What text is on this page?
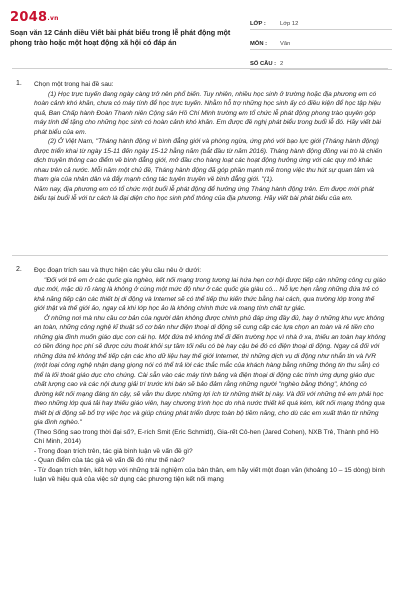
2048.vn
Soạn văn 12 Cánh diều Viết bài phát biểu trong lễ phát động một phong trào hoặc một hoạt động xã hội có đáp án
LỚP :	Lớp 12
MÔN :	Văn
SỐ CÂU : 2
1. Chọn một trong hai đề sau:

(1) Học trực tuyến đang ngày càng trở nên phổ biến. Tuy nhiên, nhiều học sinh ở trường hoặc địa phương em có hoàn cảnh khó khăn, chưa có máy tính để học trực tuyến. Nhằm hỗ trợ những học sinh ấy có điều kiện để học tập hiệu quả, Ban Chấp hành Đoàn Thanh niên Cộng sản Hồ Chí Minh trường em tổ chức lễ phát động phong trào quyên góp máy tính để tặng cho những học sinh có hoàn cảnh khó khăn. Em được đề nghị phát biểu trong buổi lễ đó. Hãy viết bài phát biểu của em.

(2) Ở Việt Nam, "Tháng hành động vì bình đẳng giới và phòng ngừa, ứng phó với bạo lực giới (Tháng hành động) được triển khai từ ngày 15-11 đến ngày 15-12 hằng năm (bắt đầu từ năm 2016). Tháng hành động đồng vai trò là chiến dịch truyền thông cao điểm về bình đẳng giới, mở đầu cho hàng loạt các hoạt động hưởng ứng với các quy mô khác nhau trên cả nước. Mỗi năm một chủ đề, Tháng hành động đã góp phần mạnh mẽ trong việc thu hút sự quan tâm và tham gia của nhân dân và đẩy mạnh công tác tuyên truyền về bình đẳng giới. "(1).

Năm nay, địa phương em có tổ chức một buổi lễ phát động để hưởng ứng Tháng hành động trên. Em được mời phát biểu tại buổi lễ với tư cách là đại diện cho học sinh phổ thông của địa phương. Hãy viết bài phát biểu của em.

2. Đọc đoạn trích sau và thực hiện các yêu cầu nêu ở dưới:

"Đối với trẻ em ở các quốc gia nghèo, kết nối mạng trong tương lai hứa hẹn cơ hội được tiếp cận những công cụ giáo dục mới, mặc dù rõ ràng là không ở cùng một mức độ như ở các quốc gia giàu có... Nỗ lực hẹn rằng những đứa trẻ có khả năng tiếp cận các thiết bị di động và Internet sẽ có thể tiếp thu kiến thức bằng hai cách, qua trường lớp trong thế giới thật và thế giới ảo, ngay cả khi lớp học ảo là không chính thức và mang tính chất tự giác.

Ở những nơi mà nhu cầu cơ bản của người dân không được chính phủ đáp ứng đầy đủ, hay ở những khu vực không an toàn, những công nghệ kĩ thuật số cơ bản như điện thoại di động sẽ cung cấp các lựa chọn an toàn và rẻ tiền cho những gia đình muốn giáo dục con cái họ. Một đứa trẻ không thể đi đến trường học vì nhà ở xa, thiếu an toàn hay không có tiền đóng học phí sẽ được cứu thoát khỏi sự tăm tối nếu có bè hay cậu bé đó có điện thoại di động. Ngay cả đối với những đứa trẻ không thể tiếp cận các kho dữ liệu hay thế giới Internet, thì những dịch vụ di động như nhắn tin và IVR (một loại công nghệ nhận dạng giọng nói có thể trả lời các thắc mắc của khách hàng bằng những thông tin thu sẵn) có thể là lối thoát giáo dục cho chúng. Cài sẵn vào các máy tính bảng và điện thoại di động các trình ứng dụng giáo dục chất lượng cao và các nội dung giải trí trước khi bán sẽ bảo đảm rằng những người "nghèo bằng thông", không có đường kết nối mạng đáng tin cậy, sẽ vẫn thu được những lợi ích từ những thiết bị này. Và đối với những trẻ em phải học theo những lớp quá tải hay thiếu giáo viên, hay chương trình học do nhà nước thiết kế quá kém, kết nối mạng thông qua thiết bị di động sẽ bổ trợ việc học và giúp chúng phát triển được toàn bộ tiềm năng, cho dù các em xuất thân từ những gia đình nghèo."

(Theo Sống sao trong thời đại số?, E-rích Smit (Eric Schmidt), Gia-rết Cô-hen (Jared Cohen), NXB Trẻ, Thành phố Hồ Chí Minh, 2014)

- Trong đoạn trích trên, tác giả bình luận về vấn đề gì?

- Quan điểm của tác giả về vấn đề đó như thế nào?

- Từ đoạn trích trên, kết hợp với những trải nghiệm của bản thân, em hãy viết một đoạn văn (khoảng 10 – 15 dòng) bình luận về hiệu quả của việc sử dụng các phương tiện kết nối mạng
